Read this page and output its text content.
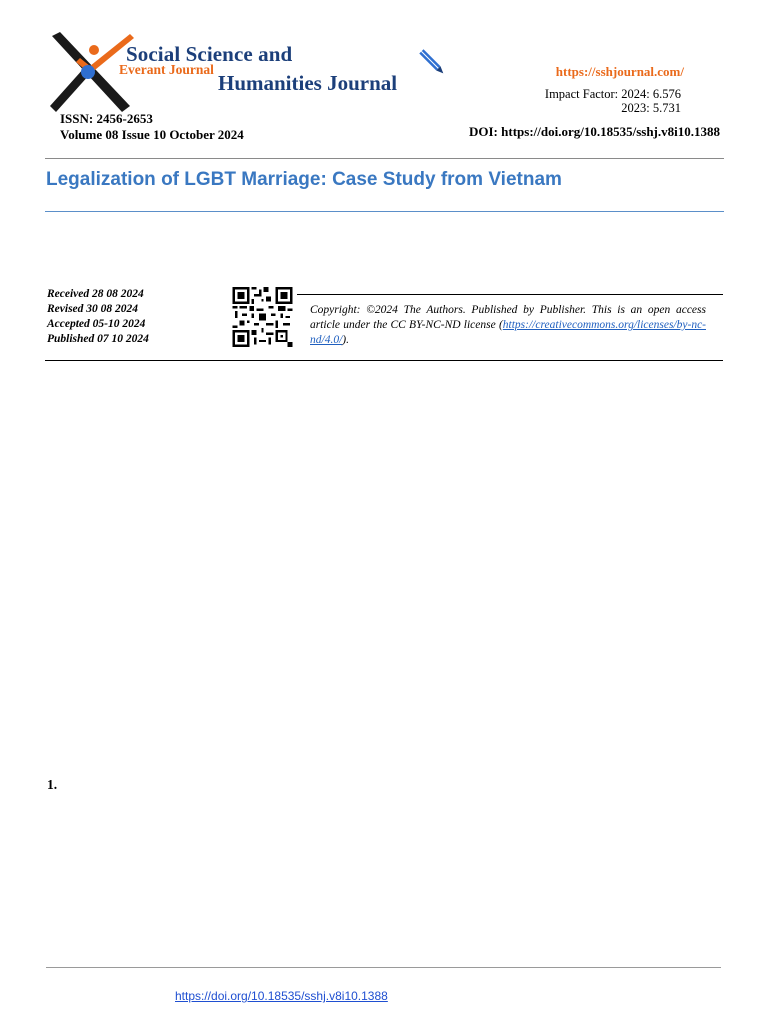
Social Science and
Everant Journal
Humanities Journal
ISSN: 2456-2653
Volume 08 Issue 10 October 2024
https://sshjournal.com/
Impact Factor: 2024: 6.576
2023: 5.731
DOI: https://doi.org/10.18535/sshj.v8i10.1388
Legalization of LGBT Marriage: Case Study from Vietnam
Received 28 08 2024
Revised 30 08 2024
Accepted 05-10 2024
Published 07 10 2024
Copyright: ©2024 The Authors. Published by Publisher. This is an open access article under the CC BY-NC-ND license (https://creativecommons.org/licenses/by-nc-nd/4.0/).
1.
https://doi.org/10.18535/sshj.v8i10.1388
